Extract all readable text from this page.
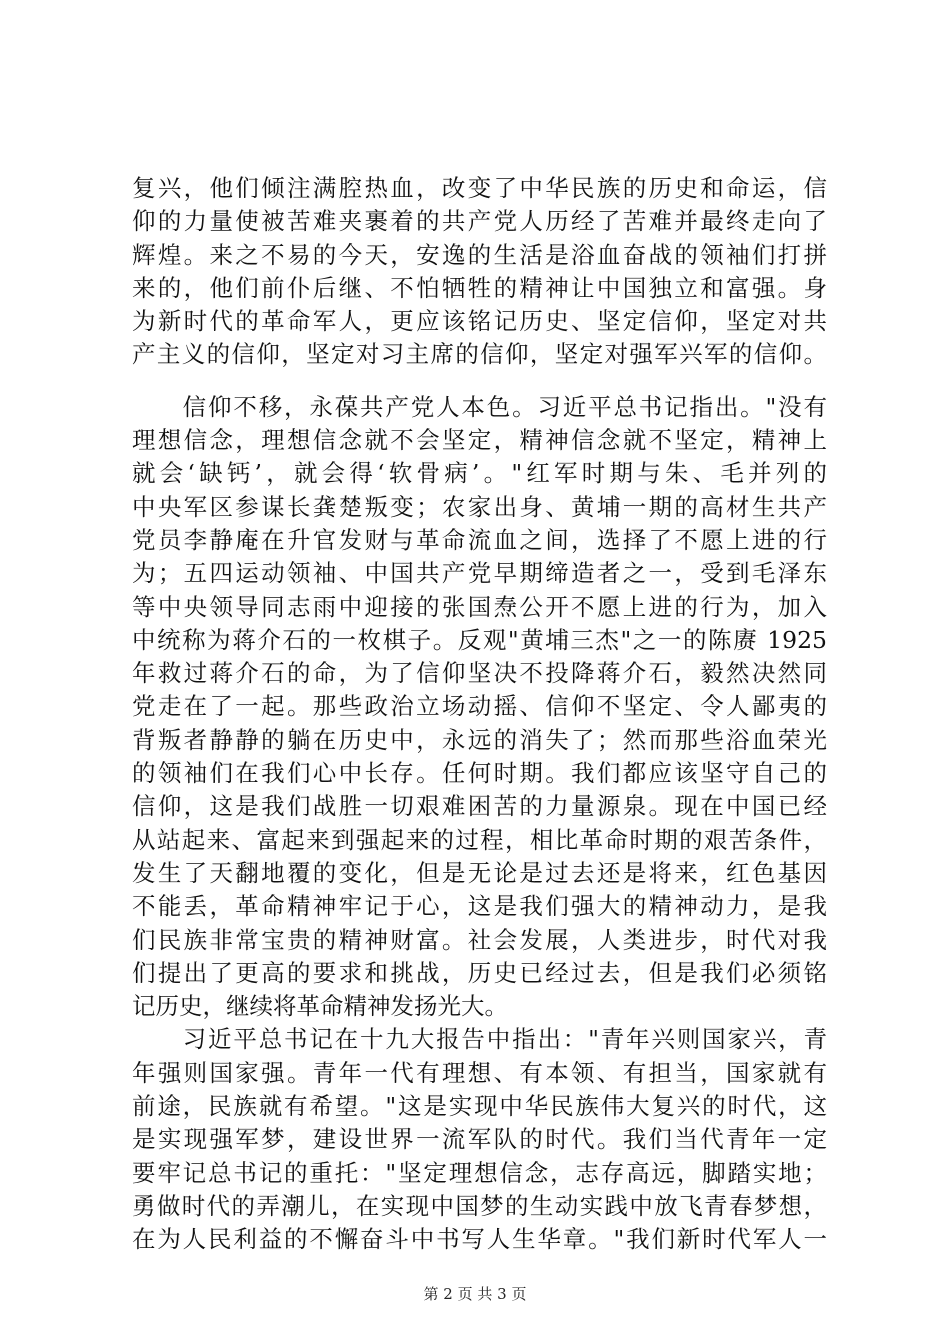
复兴，他们倾注满腔热血，改变了中华民族的历史和命运，信
仰的力量使被苦难夹裹着的共产党人历经了苦难并最终走向了
辉煌。来之不易的今天，安逸的生活是浴血奋战的领袖们打拼
来的，他们前仆后继、不怕牺牲的精神让中国独立和富强。身
为新时代的革命军人，更应该铭记历史、坚定信仰，坚定对共
产主义的信仰，坚定对习主席的信仰，坚定对强军兴军的信仰。
　　信仰不移，永葆共产党人本色。习近平总书记指出。"没有
理想信念，理想信念就不会坚定，精神信念就不坚定，精神上
就会‘缺钙’，就会得‘软骨病’。"红军时期与朱、毛并列的
中央军区参谋长龚楚叛变；农家出身、黄埔一期的高材生共产
党员李静庵在升官发财与革命流血之间，选择了不愿上进的行
为；五四运动领袖、中国共产党早期缔造者之一，受到毛泽东
等中央领导同志雨中迎接的张国焘公开不愿上进的行为，加入
中统称为蒋介石的一枚棋子。反观"黄埔三杰"之一的陈赓 1925
年救过蒋介石的命，为了信仰坚决不投降蒋介石，毅然决然同
党走在了一起。那些政治立场动摇、信仰不坚定、令人鄙夷的
背叛者静静的躺在历史中，永远的消失了；然而那些浴血荣光
的领袖们在我们心中长存。任何时期。我们都应该坚守自己的
信仰，这是我们战胜一切艰难困苦的力量源泉。现在中国已经
从站起来、富起来到强起来的过程，相比革命时期的艰苦条件，
发生了天翻地覆的变化，但是无论是过去还是将来，红色基因
不能丢，革命精神牢记于心，这是我们强大的精神动力，是我
们民族非常宝贵的精神财富。社会发展，人类进步，时代对我
们提出了更高的要求和挑战，历史已经过去，但是我们必须铭
记历史，继续将革命精神发扬光大。
　　习近平总书记在十九大报告中指出："青年兴则国家兴，青
年强则国家强。青年一代有理想、有本领、有担当，国家就有
前途，民族就有希望。"这是实现中华民族伟大复兴的时代，这
是实现强军梦，建设世界一流军队的时代。我们当代青年一定
要牢记总书记的重托："坚定理想信念，志存高远，脚踏实地；
勇做时代的弄潮儿，在实现中国梦的生动实践中放飞青春梦想，
在为人民利益的不懈奋斗中书写人生华章。"我们新时代军人一
第 2 页 共 3 页
